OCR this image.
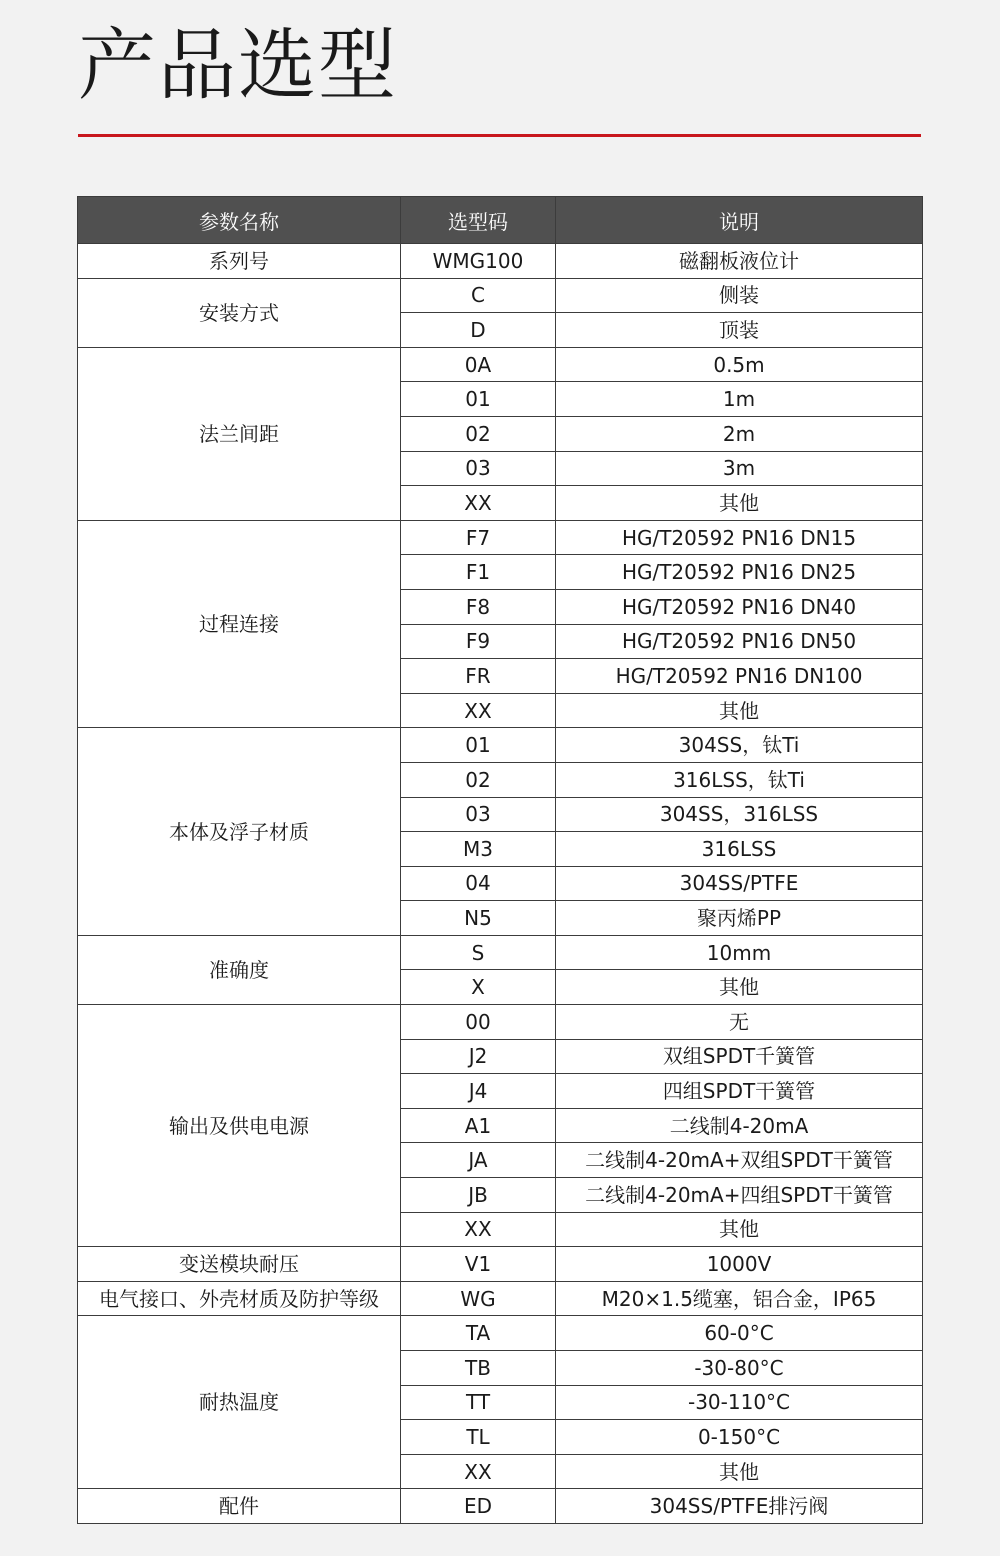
产品选型
参数名称	选型码	说明
系列号	WMG100	磁翻板液位计
安装方式	C	侧装
	D	顶装
法兰间距	0A	0.5m
	01	1m
	02	2m
	03	3m
	XX	其他
过程连接	F7	HG/T20592 PN16 DN15
	F1	HG/T20592 PN16 DN25
	F8	HG/T20592 PN16 DN40
	F9	HG/T20592 PN16 DN50
	FR	HG/T20592 PN16 DN100
	XX	其他
本体及浮子材质	01	304SS，钛Ti
	02	316LSS，钛Ti
	03	304SS，316LSS
	M3	316LSS
	04	304SS/PTFE
	N5	聚丙烯PP
准确度	S	10mm
	X	其他
输出及供电电源	00	无
	J2	双组SPDT千簧管
	J4	四组SPDT干簧管
	A1	二线制4-20mA
	JA	二线制4-20mA+双组SPDT干簧管
	JB	二线制4-20mA+四组SPDT干簧管
	XX	其他
变送模块耐压	V1	1000V
电气接口、外壳材质及防护等级	WG	M20×1.5缆塞，铝合金，IP65
耐热温度	TA	60-0°C
	TB	-30-80°C
	TT	-30-110°C
	TL	0-150°C
	XX	其他
配件	ED	304SS/PTFE排污阀
